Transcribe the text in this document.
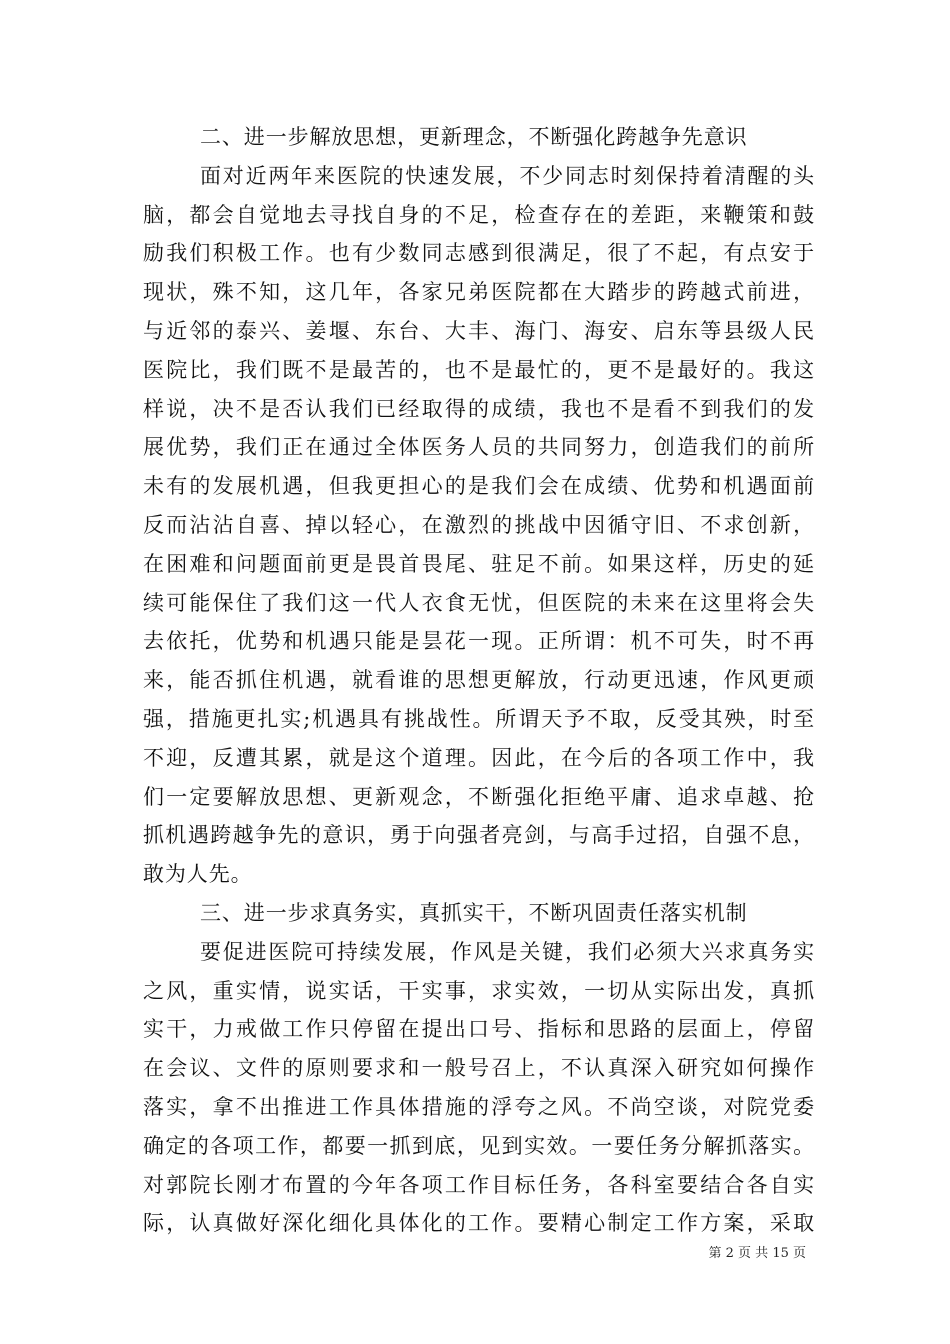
二、进一步解放思想，更新理念，不断强化跨越争先意识
面对近两年来医院的快速发展，不少同志时刻保持着清醒的头
脑，都会自觉地去寻找自身的不足，检查存在的差距，来鞭策和鼓
励我们积极工作。也有少数同志感到很满足，很了不起，有点安于
现状，殊不知，这几年，各家兄弟医院都在大踏步的跨越式前进，
与近邻的泰兴、姜堰、东台、大丰、海门、海安、启东等县级人民
医院比，我们既不是最苦的，也不是最忙的，更不是最好的。我这
样说，决不是否认我们已经取得的成绩，我也不是看不到我们的发
展优势，我们正在通过全体医务人员的共同努力，创造我们的前所
未有的发展机遇，但我更担心的是我们会在成绩、优势和机遇面前
反而沾沾自喜、掉以轻心，在激烈的挑战中因循守旧、不求创新，
在困难和问题面前更是畏首畏尾、驻足不前。如果这样，历史的延
续可能保住了我们这一代人衣食无忧，但医院的未来在这里将会失
去依托，优势和机遇只能是昙花一现。正所谓：机不可失，时不再
来，能否抓住机遇，就看谁的思想更解放，行动更迅速，作风更顽
强，措施更扎实;机遇具有挑战性。所谓天予不取，反受其殃，时至
不迎，反遭其累，就是这个道理。因此，在今后的各项工作中，我
们一定要解放思想、更新观念，不断强化拒绝平庸、追求卓越、抢
抓机遇跨越争先的意识，勇于向强者亮剑，与高手过招，自强不息，
敢为人先。
三、进一步求真务实，真抓实干，不断巩固责任落实机制
要促进医院可持续发展，作风是关键，我们必须大兴求真务实
之风，重实情，说实话，干实事，求实效，一切从实际出发，真抓
实干，力戒做工作只停留在提出口号、指标和思路的层面上，停留
在会议、文件的原则要求和一般号召上，不认真深入研究如何操作
落实，拿不出推进工作具体措施的浮夸之风。不尚空谈，对院党委
确定的各项工作，都要一抓到底，见到实效。一要任务分解抓落实。
对郭院长刚才布置的今年各项工作目标任务，各科室要结合各自实
际，认真做好深化细化具体化的工作。要精心制定工作方案，采取
第 2 页 共 15 页
